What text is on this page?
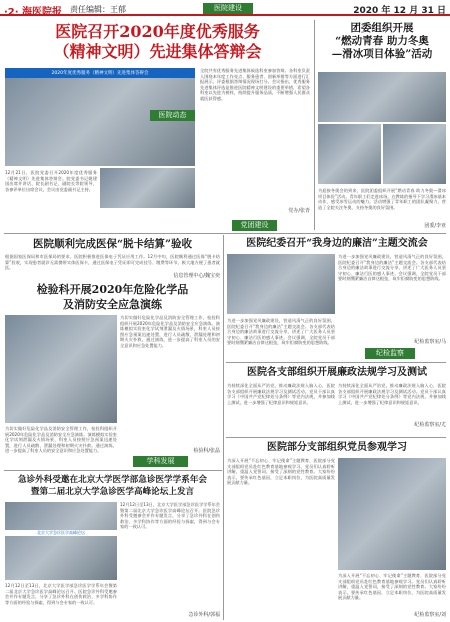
·2· 海医院报 责任编辑：王郁	医院建设	2020 年 12 月 31 日
医院召开2020年度优秀服务
（精神文明）先进集体答辩会
2020年度优秀服务（精神文明）先进集体答辩会
12月21日，医院党委召开2020年度优秀服务（精神文明）先进集体答辩会。院党委书记姚建国出席并讲话，院长副书记、副院长等院领导，各参评单位出席会议，会议由党委副书记主持。
医院动态
全院共有优秀服务先进集体候选科室参加答辩。各科室负责人围绕本年度工作亮点、服务患者、创新举措等方面进行汇报展示，评委根据答辩情况现场打分。会议指出，优秀服务先进集体评选是推进医院精神文明建设的重要举措，希望各科室以先进为榜样，持续提升服务品质，不断增强人民群众就医获得感。
党办/张青
党团建设
团委组织开展
“燃动青春 助力冬奥
—滑冰项目体验”活动
为迎接冬奥会的到来，医院团委组织开展“燃动青春 助力冬奥—滑冰项目体验”活动。青年职工们走进冰场，在教练的指导下学习滑冰基本动作，感受冰雪运动的魅力。活动增强了青年职工的团队凝聚力，营造了全院关注冬奥、支持冬奥的良好氛围。
团委/李亚
医院顺利完成医保“脱卡结算”验收
根据国家医保局和市医保局的要求，医院积极推进医保电子凭证应用工作。12月中旬，医院顺利通过医保“脱卡结算”验收，实现患者就诊无需携带实体医保卡，通过医保电子凭证即可完成挂号、缴费等环节，极大地方便了患者就医。
信息管理中心/魏宝奕
检验科开展2020年危险化学品
及消防安全应急演练
为切实做好危险化学品及消防安全管理工作，检验科组织开展2020年危险化学品及消防安全应急演练。演练模拟实验室化学试剂泄漏及火情场景，科室人员按照应急预案迅速处置，进行人员疏散、泄漏处理和初期火灾扑救。通过演练，进一步提高了科室人员的安全意识和应急处置能力。
为切实做好危险化学品及消防安全管理工作，检验科组织开展2020年危险化学品及消防安全应急演练。演练模拟实验室化学试剂泄漏及火情场景，科室人员按照应急预案迅速处置，进行人员疏散、泄漏处理和初期火灾扑救。通过演练，进一步提高了科室人员的安全意识和应急处置能力。	检验科/张晶
学科发展
急诊外科受邀在北京大学医学部急诊医学学系年会
暨第二届北京大学急诊医学高峰论坛上发言
北京大学急诊医学高峰论坛
12月12日至13日，北京大学医学部急诊医学学系年会暨第二届北京大学急诊医学高峰论坛召开。医院急诊外科受邀参会并作专题发言，分享了急诊外科在创伤救治、多学科协作等方面的经验与探索，得到与会专家的一致认可。
12月12日至13日，北京大学医学部急诊医学学系年会暨第二届北京大学急诊医学高峰论坛召开。医院急诊外科受邀参会并作专题发言，分享了急诊外科在创伤救治、多学科协作等方面的经验与探索，得到与会专家的一致认可。
急诊外科/郭福
医院纪委召开“我身边的廉洁”主题交流会
为进一步加强党风廉政建设，营造风清气正的良好氛围，医院纪委召开“我身边的廉洁”主题交流会。各支部代表结合身边的廉洁故事进行交流分享，讲述了广大医务人员坚守初心、廉洁行医的感人事迹。会议强调，全院党员干部要时刻绷紧廉洁自律这根弦，筑牢拒腐防变的思想防线。
为进一步加强党风廉政建设，营造风清气正的良好氛围，医院纪委召开“我身边的廉洁”主题交流会。各支部代表结合身边的廉洁故事进行交流分享，讲述了广大医务人员坚守初心、廉洁行医的感人事迹。会议强调，全院党员干部要时刻绷紧廉洁自律这根弦，筑牢拒腐防变的思想防线。	纪检监察室/马
纪检监察
医院各支部组织开展廉政法规学习及测试
为持续深化全面从严治党，推动廉政法规入脑入心，医院各支部组织开展廉政法规学习及测试活动。党员干部认真学习《中国共产党纪律处分条例》等党内法规，并参加线上测试，进一步增强了纪律意识和规矩意识。
为持续深化全面从严治党，推动廉政法规入脑入心，医院各支部组织开展廉政法规学习及测试活动。党员干部认真学习《中国共产党纪律处分条例》等党内法规，并参加线上测试，进一步增强了纪律意识和规矩意识。
纪检监察室/尤
医院部分支部组织党员参观学习
为深入开展“不忘初心、牢记使命”主题教育，医院部分党支部组织党员赴红色教育基地参观学习。党员们认真聆听讲解，重温入党誓词，接受了深刻的党性教育。大家纷纷表示，要传承红色基因，立足本职岗位，为医院高质量发展贡献力量。
为深入开展“不忘初心、牢记使命”主题教育，医院部分党支部组织党员赴红色教育基地参观学习。党员们认真聆听讲解，重温入党誓词，接受了深刻的党性教育。大家纷纷表示，要传承红色基因，立足本职岗位，为医院高质量发展贡献力量。
纪检监察室/刘
